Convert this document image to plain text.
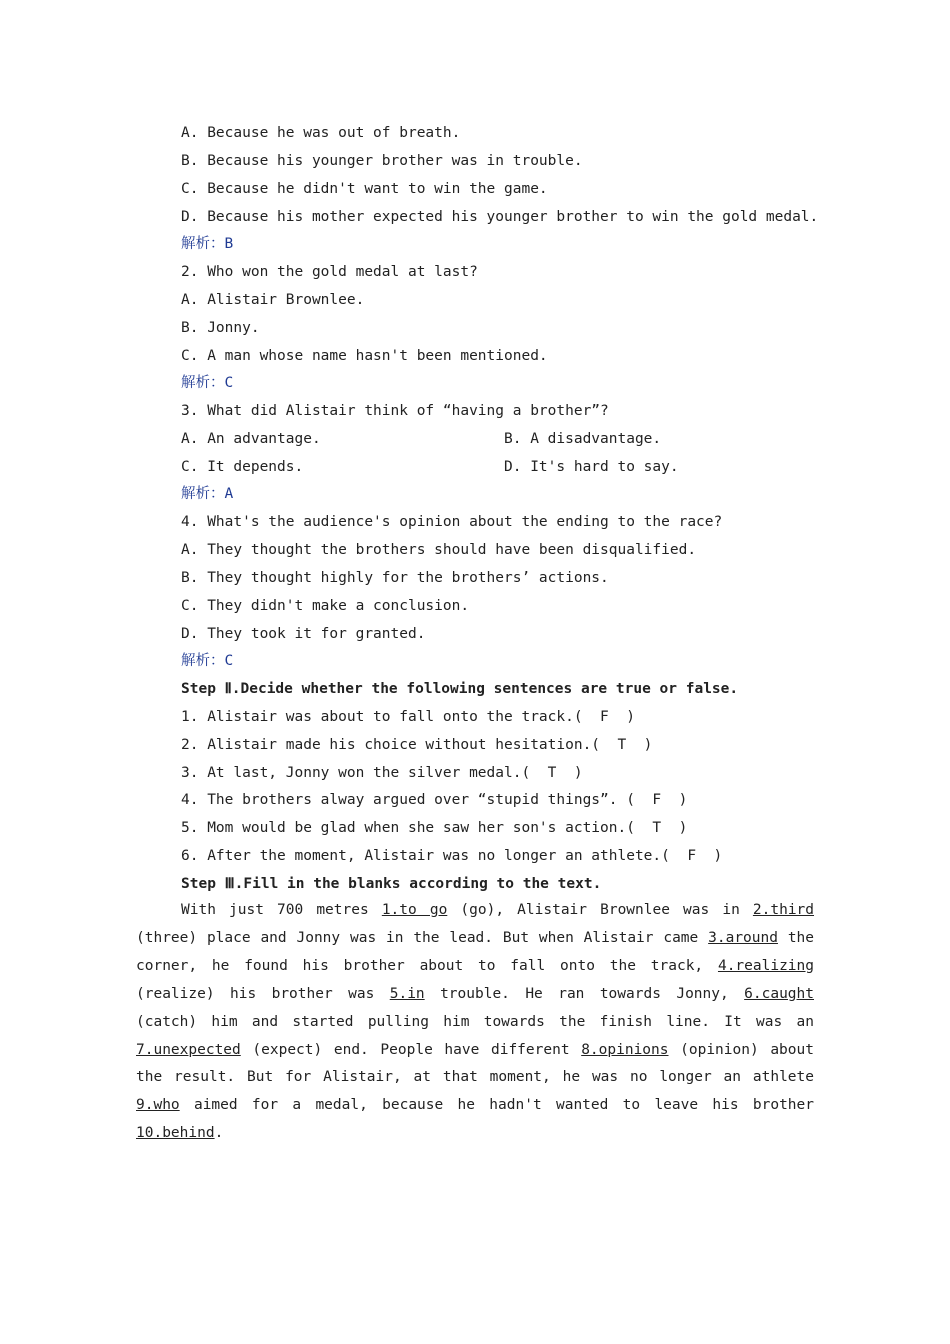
A. Because he was out of breath.
B. Because his younger brother was in trouble.
C. Because he didn't want to win the game.
D. Because his mother expected his younger brother to win the gold medal.
解析：B
2. Who won the gold medal at last?
A. Alistair Brownlee.
B. Jonny.
C. A man whose name hasn't been mentioned.
解析：C
3. What did Alistair think of “having a brother”?
A. An advantage.	B. A disadvantage.
C. It depends.	D. It's hard to say.
解析：A
4. What's the audience's opinion about the ending to the race?
A. They thought the brothers should have been disqualified.
B. They thought highly for the brothers’ actions.
C. They didn't make a conclusion.
D. They took it for granted.
解析：C
Step Ⅱ.Decide whether the following sentences are true or false.
1. Alistair was about to fall onto the track.(  F  )
2. Alistair made his choice without hesitation.(  T  )
3. At last, Jonny won the silver medal.(  T  )
4. The brothers alway argued over “stupid things”. (  F  )
5. Mom would be glad when she saw her son's action.(  T  )
6. After the moment, Alistair was no longer an athlete.(  F  )
Step Ⅲ.Fill in the blanks according to the text.
With just 700 metres 1.to go (go), Alistair Brownlee was in 2.third (three) place and Jonny was in the lead. But when Alistair came 3.around the corner, he found his brother about to fall onto the track, 4.realizing (realize) his brother was 5.in trouble. He ran towards Jonny, 6.caught (catch) him and started pulling him towards the finish line. It was an 7.unexpected (expect) end. People have different 8.opinions (opinion) about the result. But for Alistair, at that moment, he was no longer an athlete 9.who aimed for a medal, because he hadn't wanted to leave his brother 10.behind.
